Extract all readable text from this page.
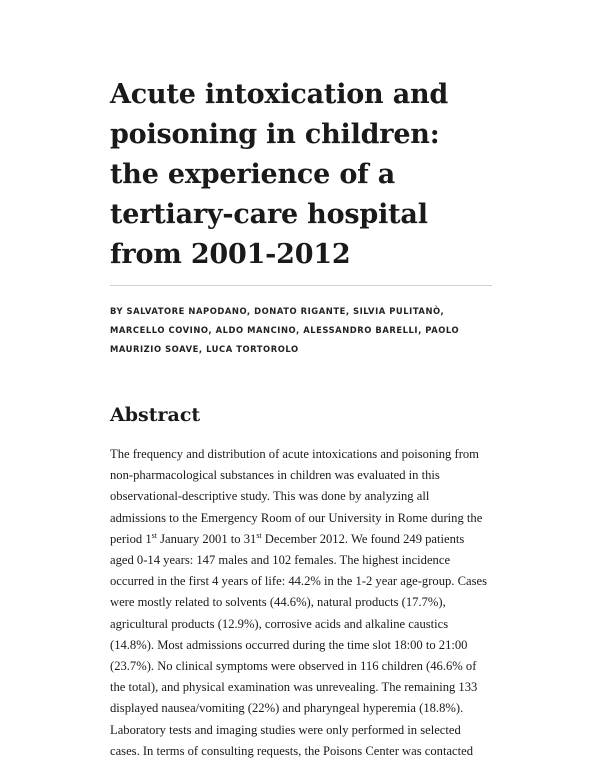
Acute intoxication and
poisoning in children:
the experience of a
tertiary-care hospital
from 2001-2012
BY SALVATORE NAPODANO, DONATO RIGANTE, SILVIA PULITANÒ,
MARCELLO COVINO, ALDO MANCINO, ALESSANDRO BARELLI, PAOLO
MAURIZIO SOAVE, LUCA TORTOROLO
Abstract
The frequency and distribution of acute intoxications and poisoning from
non-pharmacological substances in children was evaluated in this
observational-descriptive study. This was done by analyzing all
admissions to the Emergency Room of our University in Rome during the
period 1st January 2001 to 31st December 2012. We found 249 patients
aged 0-14 years: 147 males and 102 females. The highest incidence
occurred in the first 4 years of life: 44.2% in the 1-2 year age-group. Cases
were mostly related to solvents (44.6%), natural products (17.7%),
agricultural products (12.9%), corrosive acids and alkaline caustics
(14.8%). Most admissions occurred during the time slot 18:00 to 21:00
(23.7%). No clinical symptoms were observed in 116 children (46.6% of
the total), and physical examination was unrevealing. The remaining 133
displayed nausea/vomiting (22%) and pharyngeal hyperemia (18.8%).
Laboratory tests and imaging studies were only performed in selected
cases. In terms of consulting requests, the Poisons Center was contacted
